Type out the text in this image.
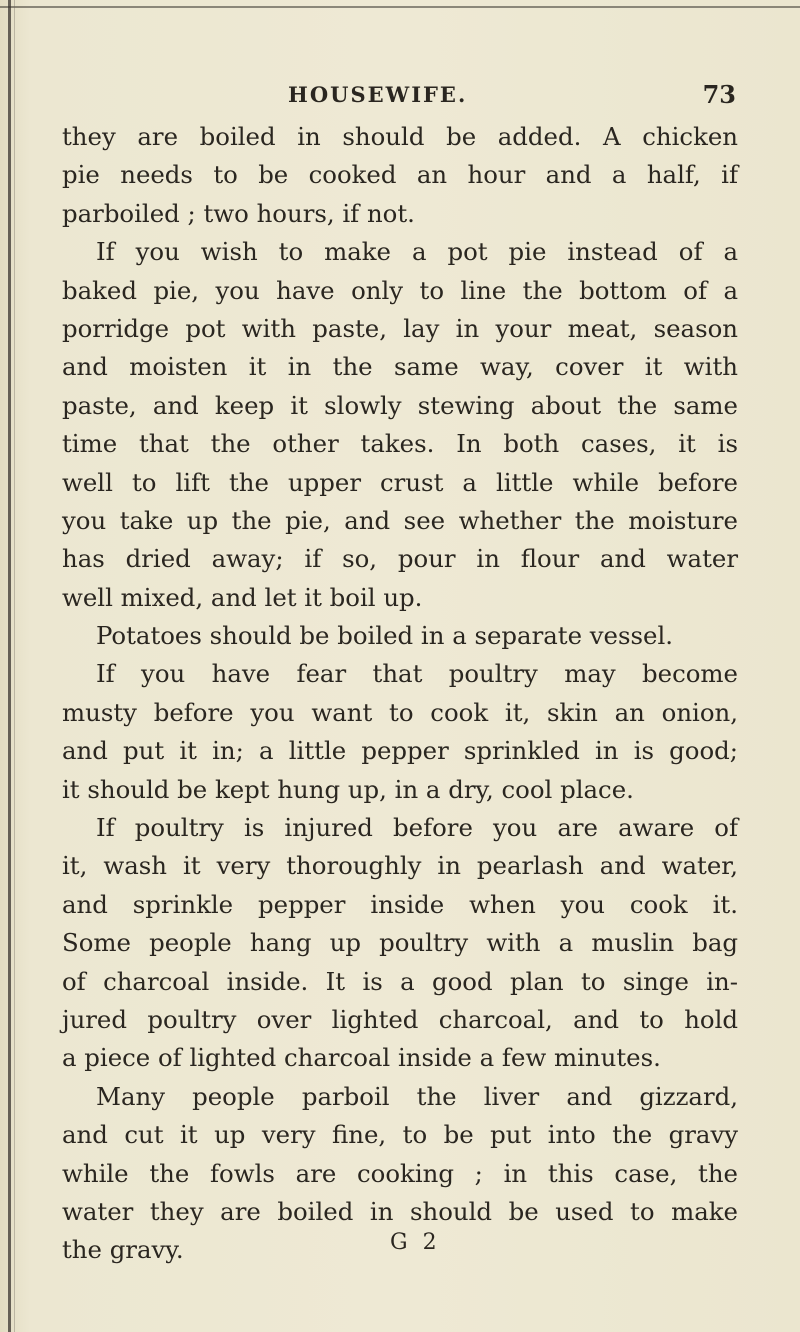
HOUSEWIFE.	73
they are boiled in should be added. A chicken
pie needs to be cooked an hour and a half, if
parboiled ; two hours, if not.
If you wish to make a pot pie instead of a
baked pie, you have only to line the bottom of a
porridge pot with paste, lay in your meat, season
and moisten it in the same way, cover it with
paste, and keep it slowly stewing about the same
time that the other takes. In both cases, it is
well to lift the upper crust a little while before
you take up the pie, and see whether the moisture
has dried away; if so, pour in flour and water
well mixed, and let it boil up.
Potatoes should be boiled in a separate vessel.
If you have fear that poultry may become
musty before you want to cook it, skin an onion,
and put it in; a little pepper sprinkled in is good;
it should be kept hung up, in a dry, cool place.
If poultry is injured before you are aware of
it, wash it very thoroughly in pearlash and water,
and sprinkle pepper inside when you cook it.
Some people hang up poultry with a muslin bag
of charcoal inside. It is a good plan to singe in-
jured poultry over lighted charcoal, and to hold
a piece of lighted charcoal inside a few minutes.
Many people parboil the liver and gizzard,
and cut it up very fine, to be put into the gravy
while the fowls are cooking ; in this case, the
water they are boiled in should be used to make
the gravy.	G 2
